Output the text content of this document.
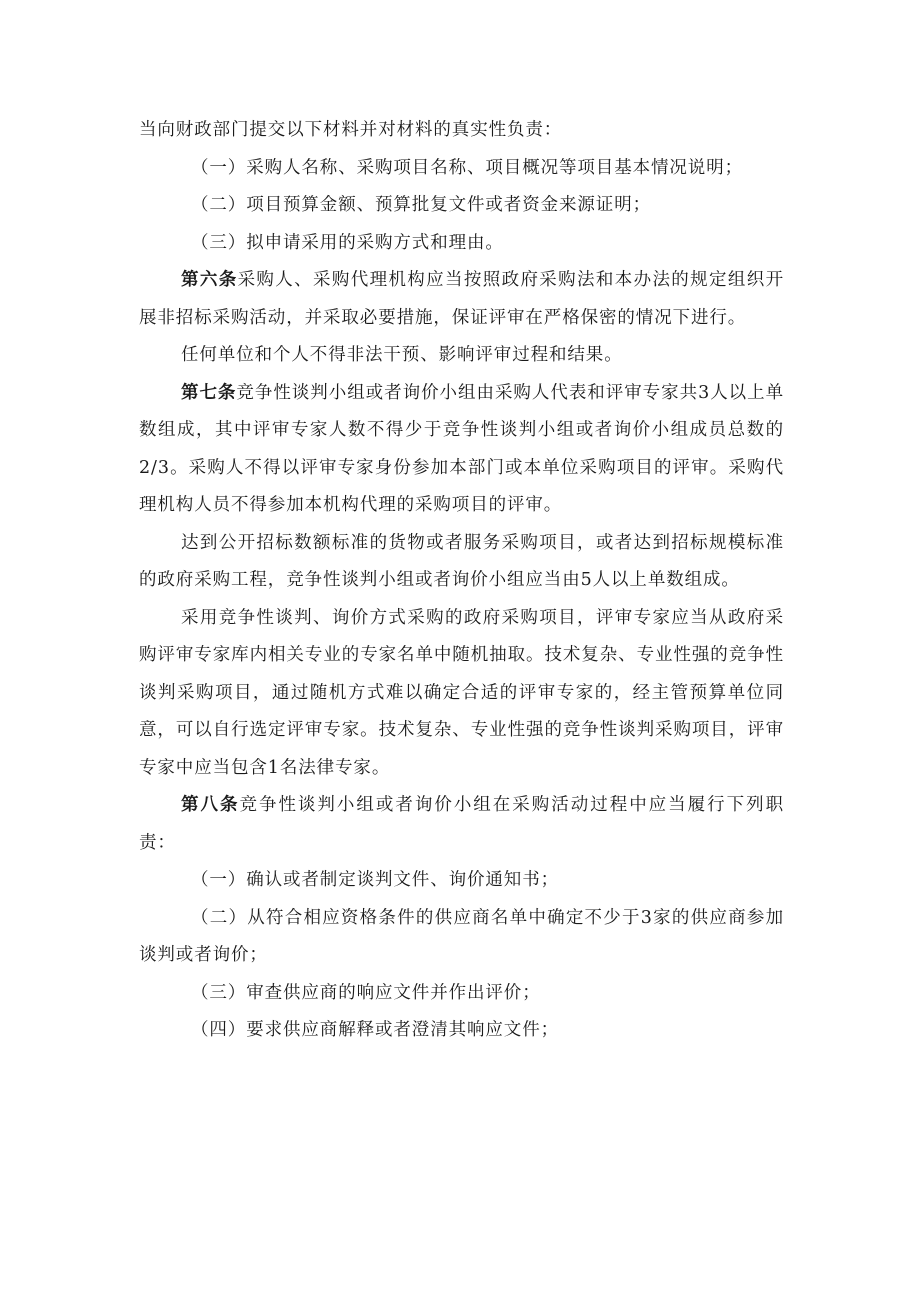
当向财政部门提交以下材料并对材料的真实性负责：

（一）采购人名称、采购项目名称、项目概况等项目基本情况说明；

（二）项目预算金额、预算批复文件或者资金来源证明；

（三）拟申请采用的采购方式和理由。

第六条采购人、采购代理机构应当按照政府采购法和本办法的规定组织开展非招标采购活动，并采取必要措施，保证评审在严格保密的情况下进行。

任何单位和个人不得非法干预、影响评审过程和结果。

第七条竞争性谈判小组或者询价小组由采购人代表和评审专家共3人以上单数组成，其中评审专家人数不得少于竞争性谈判小组或者询价小组成员总数的2/3。采购人不得以评审专家身份参加本部门或本单位采购项目的评审。采购代理机构人员不得参加本机构代理的采购项目的评审。

达到公开招标数额标准的货物或者服务采购项目，或者达到招标规模标准的政府采购工程，竞争性谈判小组或者询价小组应当由5人以上单数组成。

采用竞争性谈判、询价方式采购的政府采购项目，评审专家应当从政府采购评审专家库内相关专业的专家名单中随机抽取。技术复杂、专业性强的竞争性谈判采购项目，通过随机方式难以确定合适的评审专家的，经主管预算单位同意，可以自行选定评审专家。技术复杂、专业性强的竞争性谈判采购项目，评审专家中应当包含1名法律专家。

第八条竞争性谈判小组或者询价小组在采购活动过程中应当履行下列职责：

（一）确认或者制定谈判文件、询价通知书；

（二）从符合相应资格条件的供应商名单中确定不少于3家的供应商参加谈判或者询价；

（三）审查供应商的响应文件并作出评价；

（四）要求供应商解释或者澄清其响应文件；
